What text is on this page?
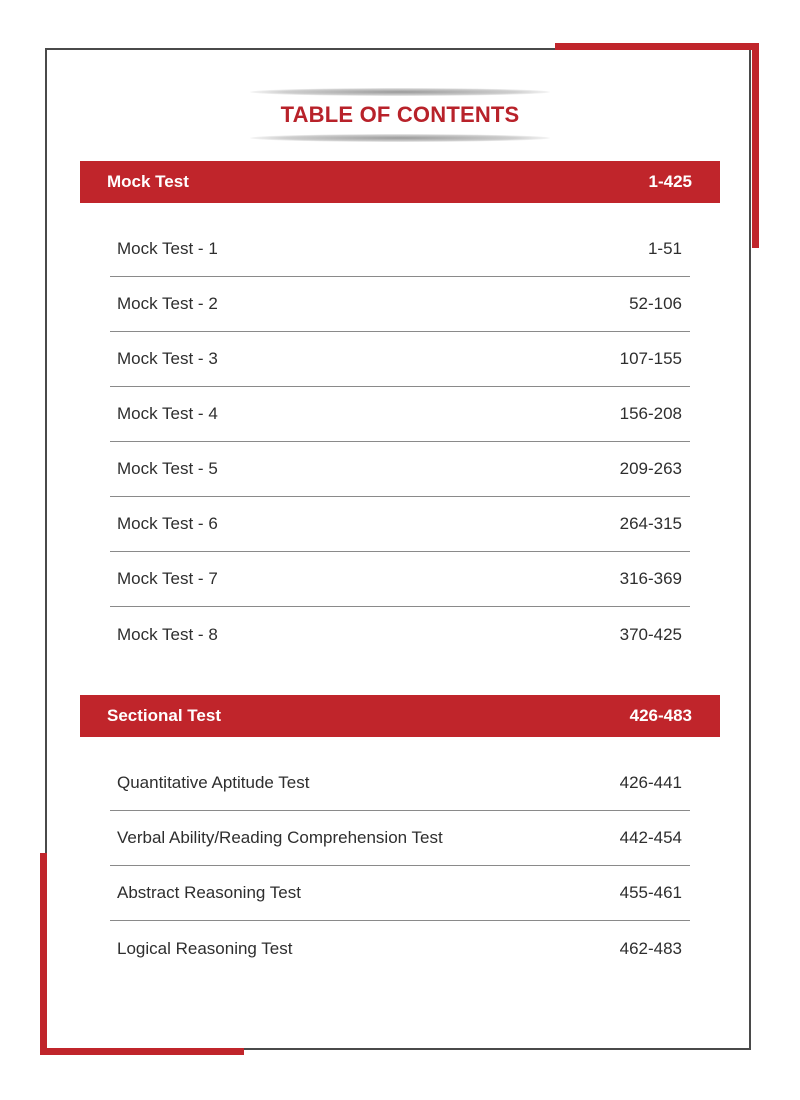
TABLE OF CONTENTS
Mock Test	1-425
Mock Test - 1	1-51
Mock Test - 2	52-106
Mock Test - 3	107-155
Mock Test - 4	156-208
Mock Test - 5	209-263
Mock Test - 6	264-315
Mock Test - 7	316-369
Mock Test - 8	370-425
Sectional Test	426-483
Quantitative Aptitude Test	426-441
Verbal Ability/Reading Comprehension Test	442-454
Abstract Reasoning Test	455-461
Logical Reasoning Test	462-483
